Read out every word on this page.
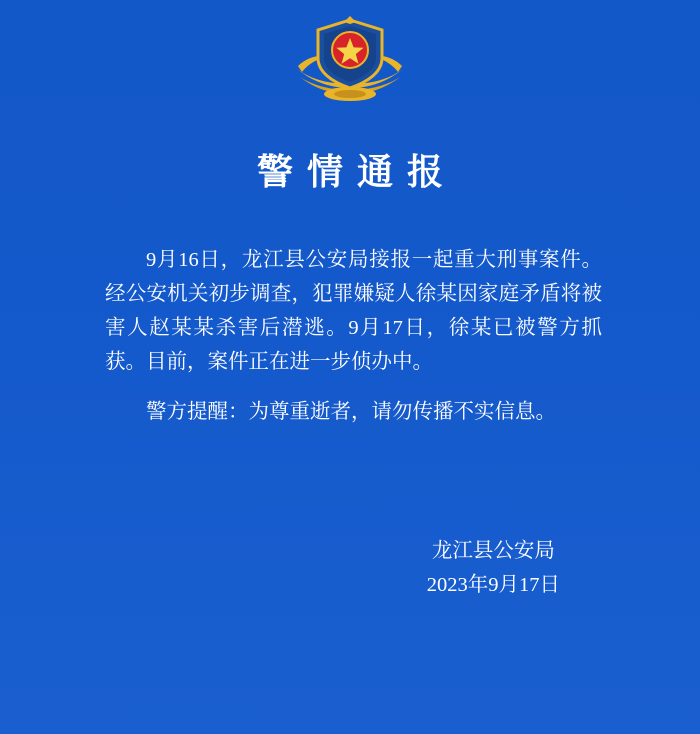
警情通报

9月16日，龙江县公安局接报一起重大刑事案件。经公安机关初步调查，犯罪嫌疑人徐某因家庭矛盾将被害人赵某某杀害后潜逃。9月17日，徐某已被警方抓获。目前，案件正在进一步侦办中。

警方提醒：为尊重逝者，请勿传播不实信息。

龙江县公安局
2023年9月17日
